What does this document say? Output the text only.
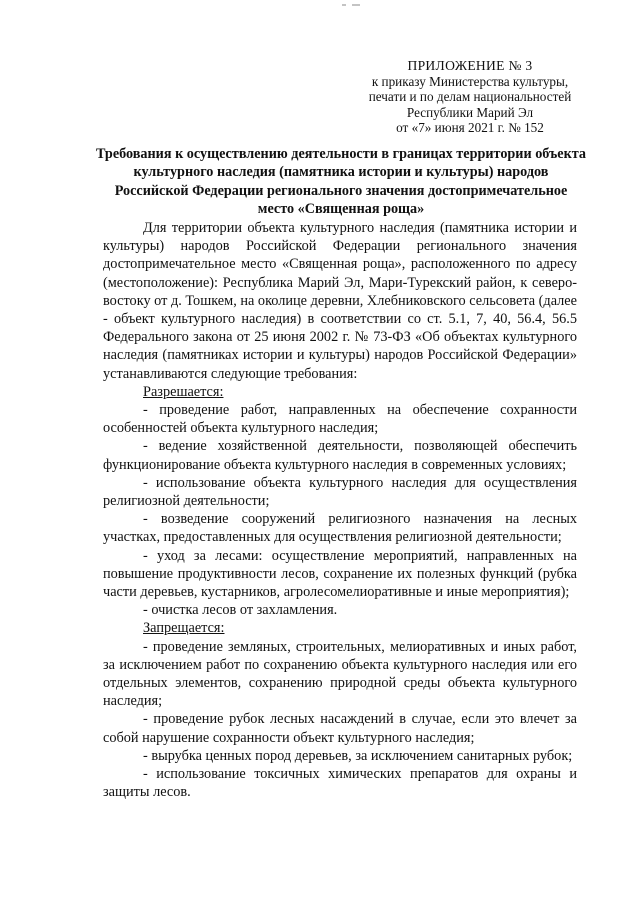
ПРИЛОЖЕНИЕ № 3
к приказу Министерства культуры,
печати и по делам национальностей
Республики Марий Эл
от «7» июня 2021 г. № 152
Требования к осуществлению деятельности в границах территории объекта культурного наследия (памятника истории и культуры) народов Российской Федерации регионального значения достопримечательное место «Священная роща»

Для территории объекта культурного наследия (памятника истории и культуры) народов Российской Федерации регионального значения достопримечательное место «Священная роща», расположенного по адресу (местоположение): Республика Марий Эл, Мари-Турекский район, к северо-востоку от д. Тошкем, на околице деревни, Хлебниковского сельсовета (далее - объект культурного наследия) в соответствии со ст. 5.1, 7, 40, 56.4, 56.5 Федерального закона от 25 июня 2002 г. № 73-ФЗ «Об объектах культурного наследия (памятниках истории и культуры) народов Российской Федерации» устанавливаются следующие требования:

Разрешается:
- проведение работ, направленных на обеспечение сохранности особенностей объекта культурного наследия;
- ведение хозяйственной деятельности, позволяющей обеспечить функционирование объекта культурного наследия в современных условиях;
- использование объекта культурного наследия для осуществления религиозной деятельности;
- возведение сооружений религиозного назначения на лесных участках, предоставленных для осуществления религиозной деятельности;
- уход за лесами: осуществление мероприятий, направленных на повышение продуктивности лесов, сохранение их полезных функций (рубка части деревьев, кустарников, агролесомелиоративные и иные мероприятия);
- очистка лесов от захламления.
Запрещается:
- проведение земляных, строительных, мелиоративных и иных работ, за исключением работ по сохранению объекта культурного наследия или его отдельных элементов, сохранению природной среды объекта культурного наследия;
- проведение рубок лесных насаждений в случае, если это влечет за собой нарушение сохранности объект культурного наследия;
- вырубка ценных пород деревьев, за исключением санитарных рубок;
- использование токсичных химических препаратов для охраны и защиты лесов.
